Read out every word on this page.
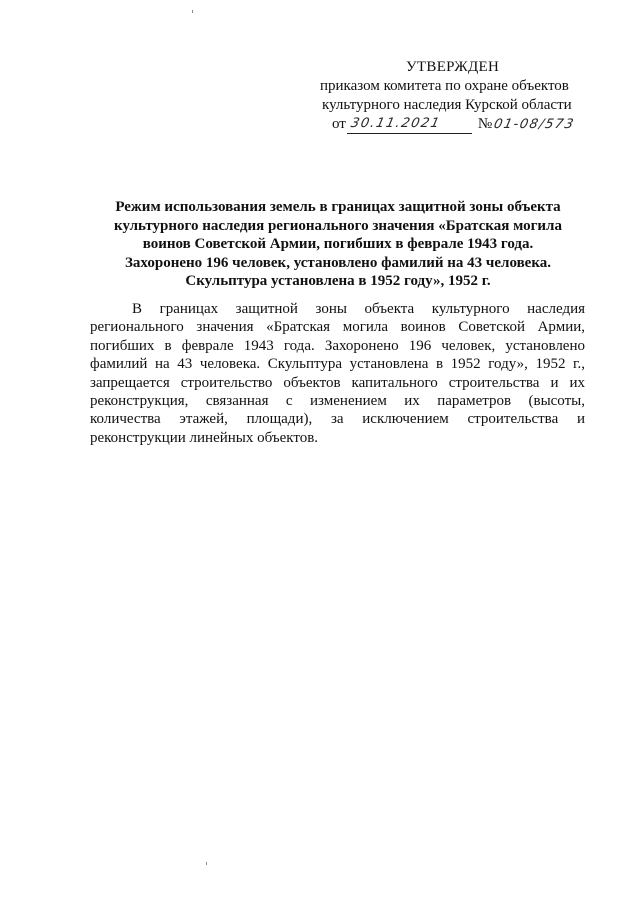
УТВЕРЖДЕН
приказом комитета по охране объектов
культурного наследия Курской области
от 30.11.2021 № 01-08/573
Режим использования земель в границах защитной зоны объекта
культурного наследия регионального значения «Братская могила
воинов Советской Армии, погибших в феврале 1943 года.
Захоронено 196 человек, установлено фамилий на 43 человека.
Скульптура установлена в 1952 году», 1952 г.
В границах защитной зоны объекта культурного наследия
регионального значения «Братская могила воинов Советской Армии,
погибших в феврале 1943 года. Захоронено 196 человек, установлено
фамилий на 43 человека. Скульптура установлена в 1952 году», 1952 г.,
запрещается строительство объектов капитального строительства и их
реконструкция, связанная с изменением их параметров (высоты,
количества этажей, площади), за исключением строительства и
реконструкции линейных объектов.
